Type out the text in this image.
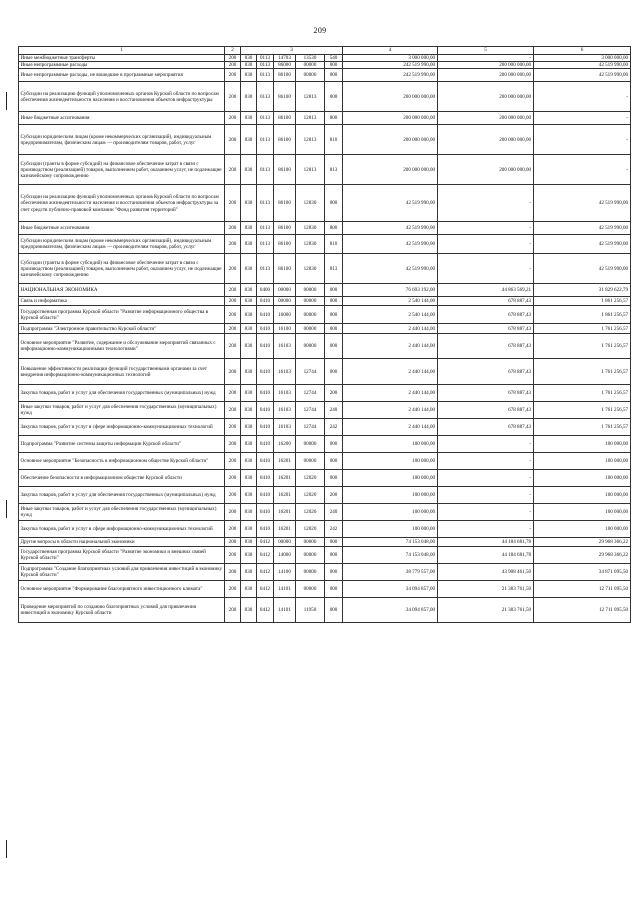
209
1	2	3					4	5	6
Иные межбюджетные трансферты	200	830	0113	14703	13530	540	3 000 000,00	-	3 000 000,00
Иные непрограммные расходы	200	830	0113	86000	00000	000	242 519 990,00	200 000 000,00	42 519 990,00
Иные непрограммные расходы, не вошедшие в программные мероприятия	200	830	0113	86100	00000	000	242 519 990,00	200 000 000,00	42 519 990,00
Субсидии на реализацию функций уполномоченных органов Курской области по вопросам обеспечения жизнедеятельности населения и восстановления объектов инфраструктуры	200	830	0113	86100	12813	000	200 000 000,00	200 000 000,00	-
Иные бюджетные ассигнования	200	830	0113	86100	12813	800	200 000 000,00	200 000 000,00	-
Субсидии юридическим лицам (кроме некоммерческих организаций), индивидуальным предпринимателям, физическим лицам — производителям товаров, работ, услуг	200	830	0113	86100	12813	810	200 000 000,00	200 000 000,00	-
Субсидии (гранты в форме субсидий) на финансовое обеспечение затрат в связи с производством (реализацией) товаров, выполнением работ, оказанием услуг, не подлежащие казначейскому сопровождению	200	830	0113	86100	12813	813	200 000 000,00	200 000 000,00	-
Субсидии на реализацию функций уполномоченных органов Курской области по вопросам обеспечения жизнедеятельности населения и восстановления объектов инфраструктуры за счет средств публично-правовой компании "Фонд развития территорий"	200	830	0113	86100	12830	000	42 519 990,00	-	42 519 990,00
Иные бюджетные ассигнования	200	830	0113	86100	12830	800	42 519 990,00	-	42 519 990,00
Субсидии юридическим лицам (кроме некоммерческих организаций), индивидуальным предпринимателям, физическим лицам — производителям товаров, работ, услуг	200	830	0113	86100	12830	810	42 519 990,00	-	42 519 990,00
Субсидии (гранты в форме субсидий) на финансовое обеспечение затрат в связи с производством (реализацией) товаров, выполнением работ, оказанием услуг, не подлежащие казначейскому сопровождению	200	830	0113	86100	12830	813	42 519 990,00	-	42 519 990,00
НАЦИОНАЛЬНАЯ ЭКОНОМИКА	200	830	0400	00000	00000	000	76 693 192,00	44 863 569,21	31 829 622,79
Связь и информатика	200	830	0410	00000	00000	000	2 540 144,00	678 887,43	1 861 256,57
Государственная программа Курской области "Развитие информационного общества в Курской области"	200	830	0410	16000	00000	000	2 540 144,00	678 887,43	1 861 256,57
Подпрограмма "Электронное правительство Курской области"	200	830	0410	16100	00000	000	2 440 144,00	678 887,43	1 761 256,57
Основное мероприятие "Развитие, содержание и обслуживание мероприятий связанных с информационно-коммуникационными технологиями"	200	830	0410	16103	00000	000	2 440 144,00	678 887,43	1 761 256,57
Повышение эффективности реализации функций государственными органами за счет внедрения информационно-коммуникационных технологий	200	830	0410	16103	12744	000	2 440 144,00	678 887,43	1 761 256,57
Закупка товаров, работ и услуг для обеспечения государственных (муниципальных) нужд	200	830	0410	16103	12744	200	2 440 144,00	678 887,43	1 761 256,57
Иные закупки товаров, работ и услуг для обеспечения государственных (муниципальных) нужд	200	830	0410	16103	12744	240	2 440 144,00	678 887,43	1 761 256,57
Закупка товаров, работ и услуг в сфере информационно-коммуникационных технологий	200	830	0410	16103	12744	242	2 440 144,00	678 887,43	1 761 256,57
Подпрограмма "Развитие системы защиты информации Курской области"	200	830	0410	16200	00000	000	100 000,00	-	100 000,00
Основное мероприятие "Безопасность в информационном обществе Курской области"	200	830	0410	16201	00000	000	100 000,00	-	100 000,00
Обеспечение безопасности в информационном обществе Курской области	200	830	0410	16201	12020	000	100 000,00	-	100 000,00
Закупка товаров, работ и услуг для обеспечения государственных (муниципальных) нужд	200	830	0410	16201	12020	200	100 000,00	-	100 000,00
Иные закупки товаров, работ и услуг для обеспечения государственных (муниципальных) нужд	200	830	0410	16201	12020	240	100 000,00	-	100 000,00
Закупка товаров, работ и услуг в сфере информационно-коммуникационных технологий	200	830	0410	16201	12020	242	100 000,00	-	100 000,00
Другие вопросы в области национальной экономики	200	830	0412	00000	00000	000	74 153 048,00	44 184 681,78	29 968 366,22
Государственная программа Курской области "Развитие экономики и внешних связей Курской области"	200	830	0412	14000	00000	000	74 153 048,00	44 184 681,78	29 968 366,22
Подпрограмма "Создание благоприятных условий для привлечения инвестиций в экономику Курской области"	200	830	0412	14100	00000	000	38 779 557,00	43 908 461,50	34 871 095,50
Основное мероприятие "Формирование благоприятного инвестиционного климата"	200	830	0412	14101	00000	000	34 094 857,00	21 383 761,50	12 711 095,50
Проведение мероприятий по созданию благоприятных условий для привлечения инвестиций в экономику Курской области	200	830	0412	14101	11950	000	34 094 857,00	21 383 761,50	12 711 095,50
